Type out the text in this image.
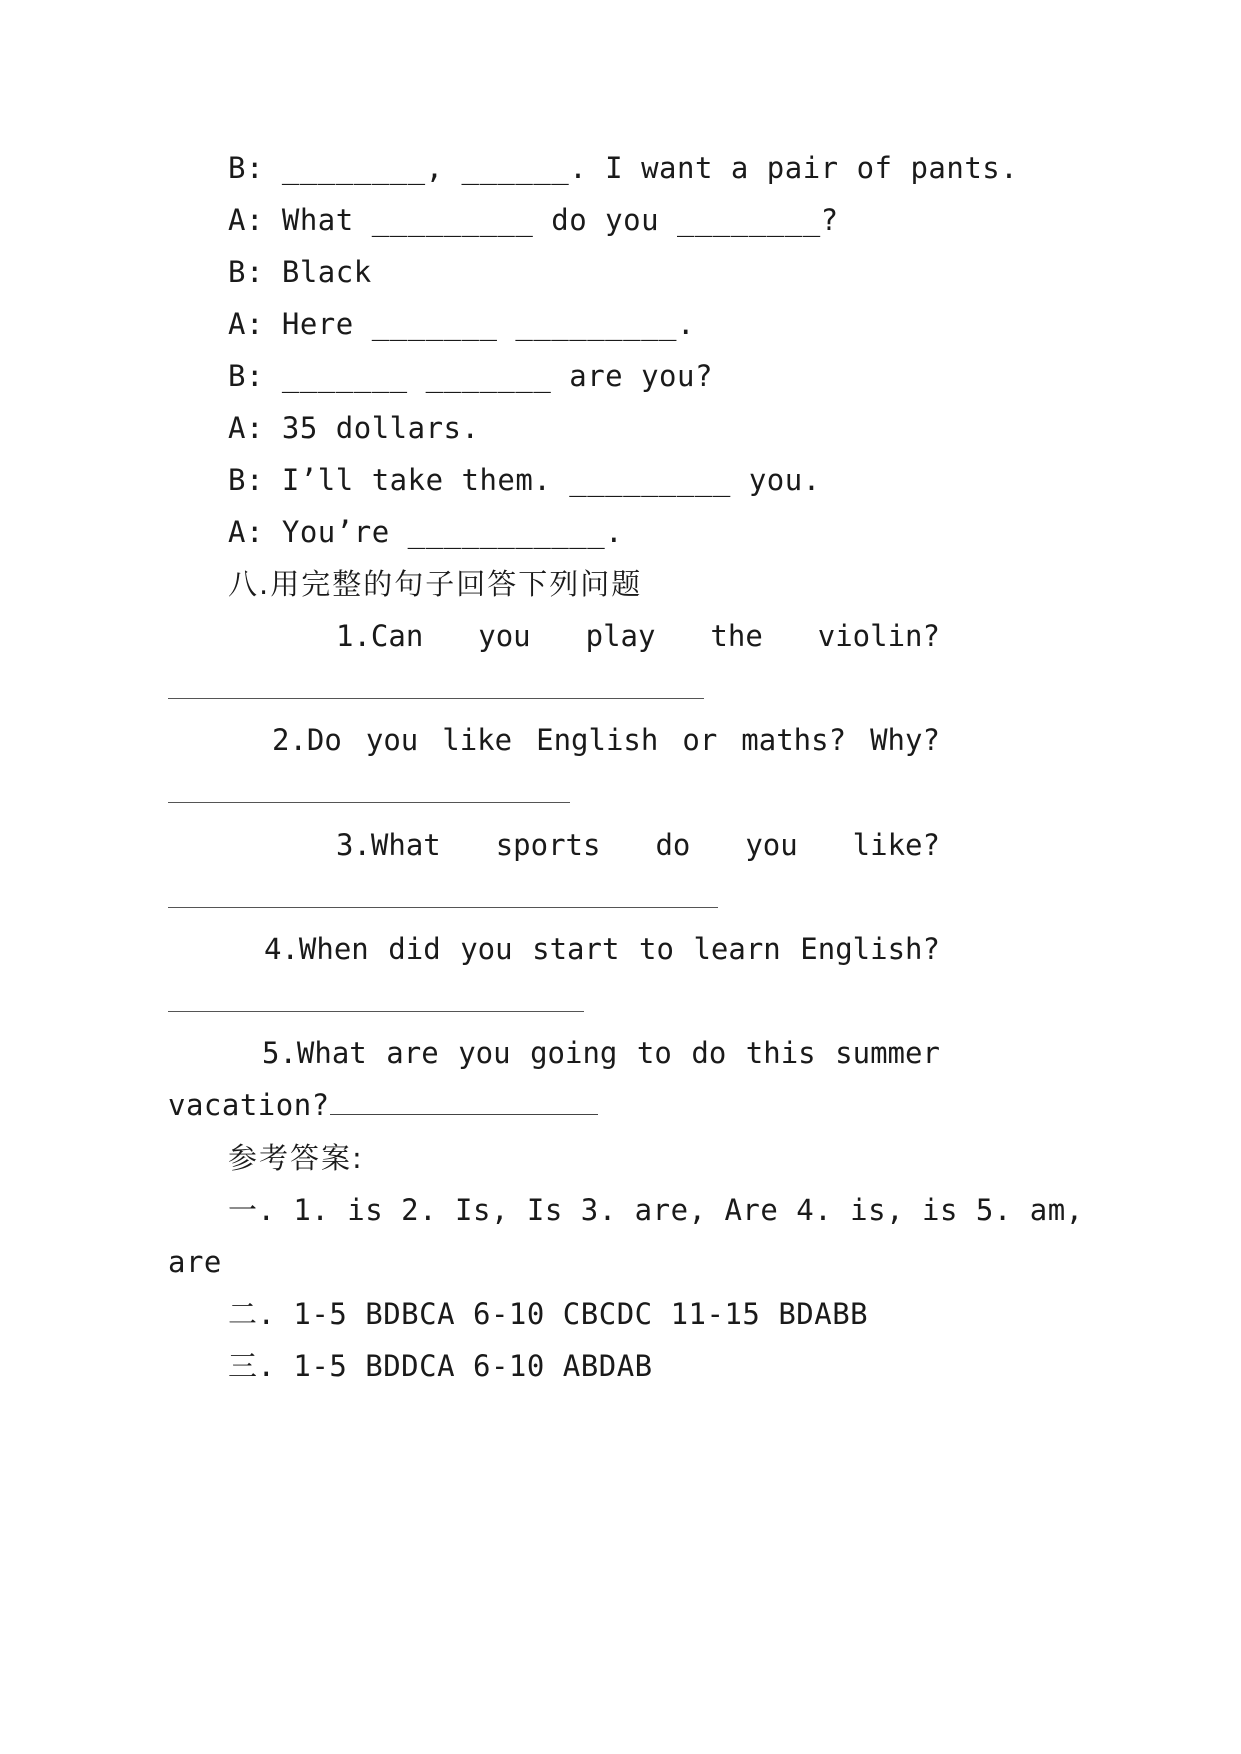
B: ________, ______. I want a pair of pants.
A: What _________ do you ________?
B: Black
A: Here _______ _________.
B: _______ _______ are you?
A: 35 dollars.
B: I’ll take them. _________ you.
A: You’re ___________.
八.用完整的句子回答下列问题
1.Can you play the violin?
2.Do you like English or maths? Why?
3.What sports do you like?
4.When did you start to learn English?
5.What are you going to do this summer
vacation?
参考答案:
一. 1. is 2. Is, Is 3. are, Are 4. is, is 5. am,
are
二. 1-5 BDBCA 6-10 CBCDC 11-15 BDABB
三. 1-5 BDDCA 6-10 ABDAB
